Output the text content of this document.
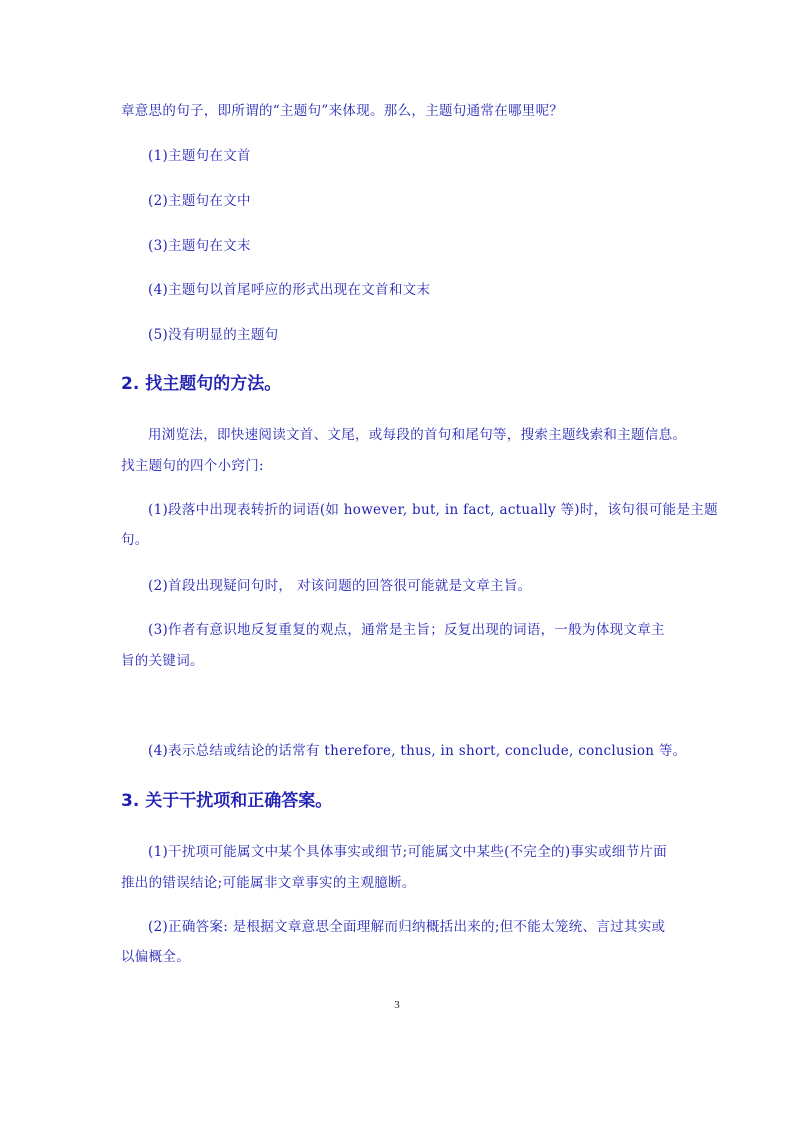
章意思的句子，即所谓的“主题句”来体现。那么，主题句通常在哪里呢？
(1)主题句在文首
(2)主题句在文中
(3)主题句在文末
(4)主题句以首尾呼应的形式出现在文首和文末
(5)没有明显的主题句
2. 找主题句的方法。
用浏览法，即快速阅读文首、文尾，或每段的首句和尾句等，搜索主题线索和主题信息。
找主题句的四个小窍门:
(1)段落中出现表转折的词语(如 however, but, in fact, actually 等)时，该句很可能是主题
句。
(2)首段出现疑问句时， 对该问题的回答很可能就是文章主旨。
(3)作者有意识地反复重复的观点，通常是主旨；反复出现的词语，一般为体现文章主
旨的关键词。
(4)表示总结或结论的话常有 therefore, thus, in short, conclude, conclusion 等。
3. 关于干扰项和正确答案。
(1)干扰项可能属文中某个具体事实或细节;可能属文中某些(不完全的)事实或细节片面
推出的错误结论;可能属非文章事实的主观臆断。
(2)正确答案: 是根据文章意思全面理解而归纳概括出来的;但不能太笼统、言过其实或
以偏概全。
3
